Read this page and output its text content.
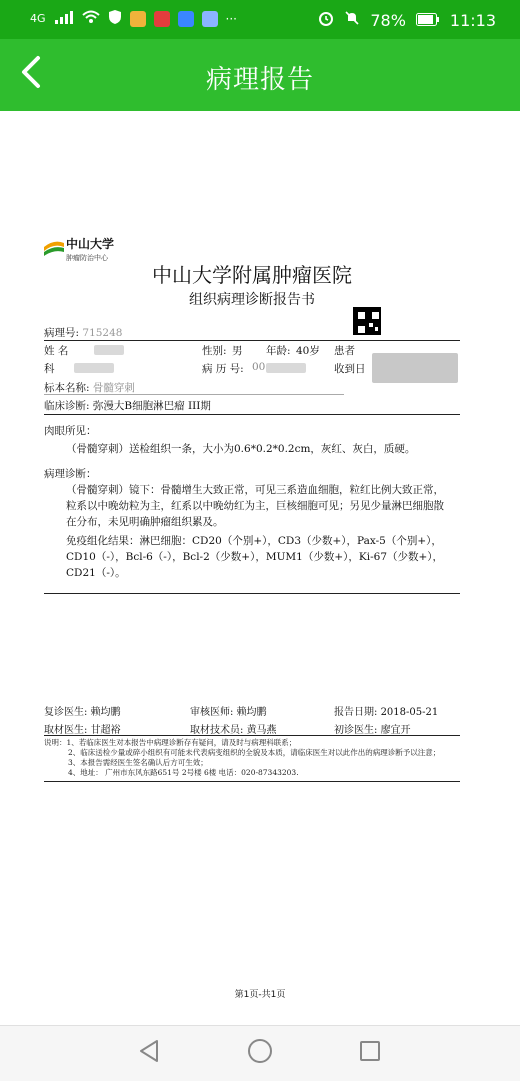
4G	···	78%	11:13
病理报告
中山大学
肿瘤防治中心
中山大学附属肿瘤医院
组织病理诊断报告书
病理号: 715248
姓 名	性别: 男 年龄: 40岁 患者
科	病 历 号: 00	收到日
标本名称: 骨髓穿刺
临床诊断: 弥漫大B细胞淋巴瘤 III期
肉眼所见：
（骨髓穿刺）送检组织一条，大小为0.6*0.2*0.2cm，灰红、灰白，质硬。
病理诊断：
（骨髓穿刺）镜下：骨髓增生大致正常，可见三系造血细胞，粒红比例大致正常，粒系以中晚幼粒为主，红系以中晚幼红为主，巨核细胞可见；另见少量淋巴细胞散在分布，未见明确肿瘤组织累及。
免疫组化结果：淋巴细胞：CD20（个别+），CD3（少数+），Pax-5（个别+），CD10（-），Bcl-6（-），Bcl-2（少数+），MUM1（少数+），Ki-67（少数+），CD21（-）。
复诊医生: 赖均鹏	审核医师: 赖均鹏	报告日期: 2018-05-21
取材医生: 甘超裕	取材技术员: 黄马燕	初诊医生: 廖宜开
说明：1、若临床医生对本报告中病理诊断存有疑问，请及时与病理科联系；
2、临床送检少量或碎小组织有可能未代表病变组织的全貌及本质，请临床医生对以此作出的病理诊断予以注意；
3、本报告需经医生签名确认后方可生效；
4、地址： 广州市东风东路651号 2号楼 6楼 电话：020-87343203.
第1页-共1页
